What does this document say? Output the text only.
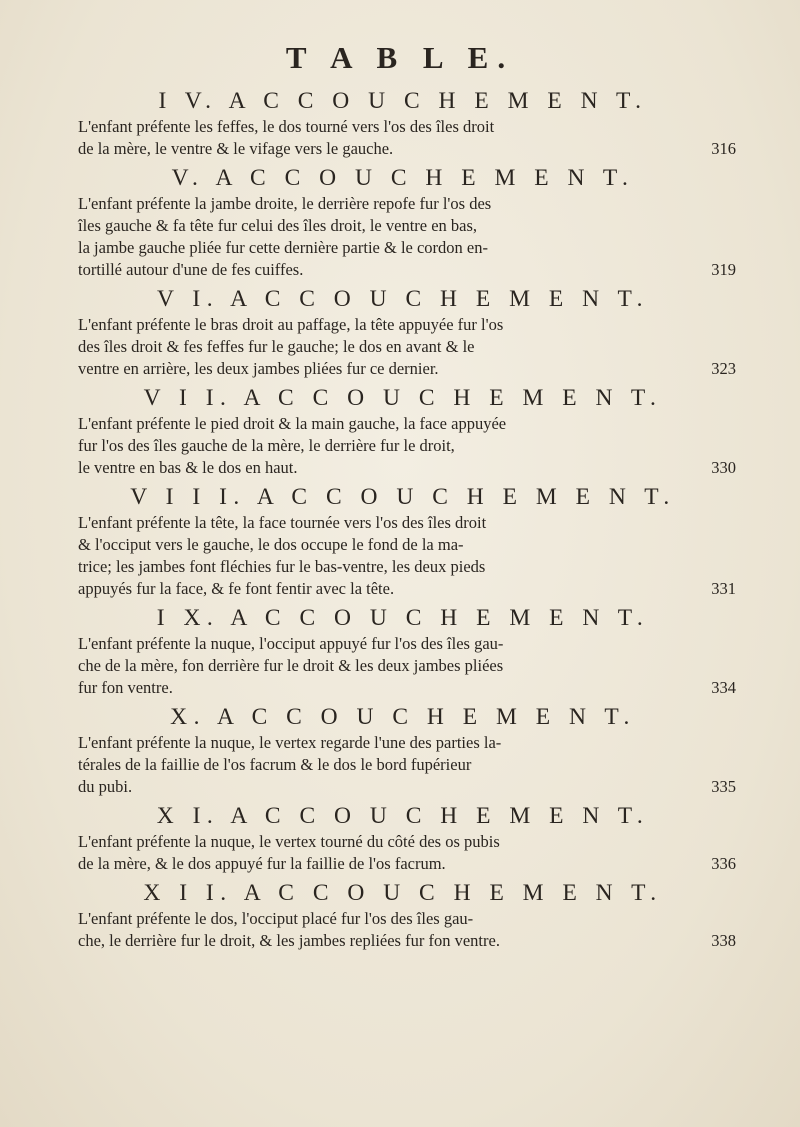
T A B L E.
I V. A C C O U C H E M E N T.
L'enfant préfente les feffes, le dos tourné vers l'os des îles droit
de la mère, le ventre & le vifage vers le gauche.	316
V. A C C O U C H E M E N T.
L'enfant préfente la jambe droite, le derrière repofe fur l'os des
îles gauche & fa tête fur celui des îles droit, le ventre en bas,
la jambe gauche pliée fur cette dernière partie & le cordon en-
tortillé autour d'une de fes cuiffes.	319
V I. A C C O U C H E M E N T.
L'enfant préfente le bras droit au paffage, la tête appuyée fur l'os
des îles droit & fes feffes fur le gauche; le dos en avant & le
ventre en arrière, les deux jambes pliées fur ce dernier.	323
V I I. A C C O U C H E M E N T.
L'enfant préfente le pied droit & la main gauche, la face appuyée
fur l'os des îles gauche de la mère, le derrière fur le droit,
le ventre en bas & le dos en haut.	330
V I I I. A C C O U C H E M E N T.
L'enfant préfente la tête, la face tournée vers l'os des îles droit
& l'occiput vers le gauche, le dos occupe le fond de la ma-
trice; les jambes font fléchies fur le bas-ventre, les deux pieds
appuyés fur la face, & fe font fentir avec la tête.	331
I X. A C C O U C H E M E N T.
L'enfant préfente la nuque, l'occiput appuyé fur l'os des îles gau-
che de la mère, fon derrière fur le droit & les deux jambes pliées
fur fon ventre.	334
X. A C C O U C H E M E N T.
L'enfant préfente la nuque, le vertex regarde l'une des parties la-
térales de la faillie de l'os facrum & le dos le bord fupérieur
du pubi.	335
X I. A C C O U C H E M E N T.
L'enfant préfente la nuque, le vertex tourné du côté des os pubis
de la mère, & le dos appuyé fur la faillie de l'os facrum.	336
X I I. A C C O U C H E M E N T.
L'enfant préfente le dos, l'occiput placé fur l'os des îles gau-
che, le derrière fur le droit, & les jambes repliées fur fon ventre.	338
